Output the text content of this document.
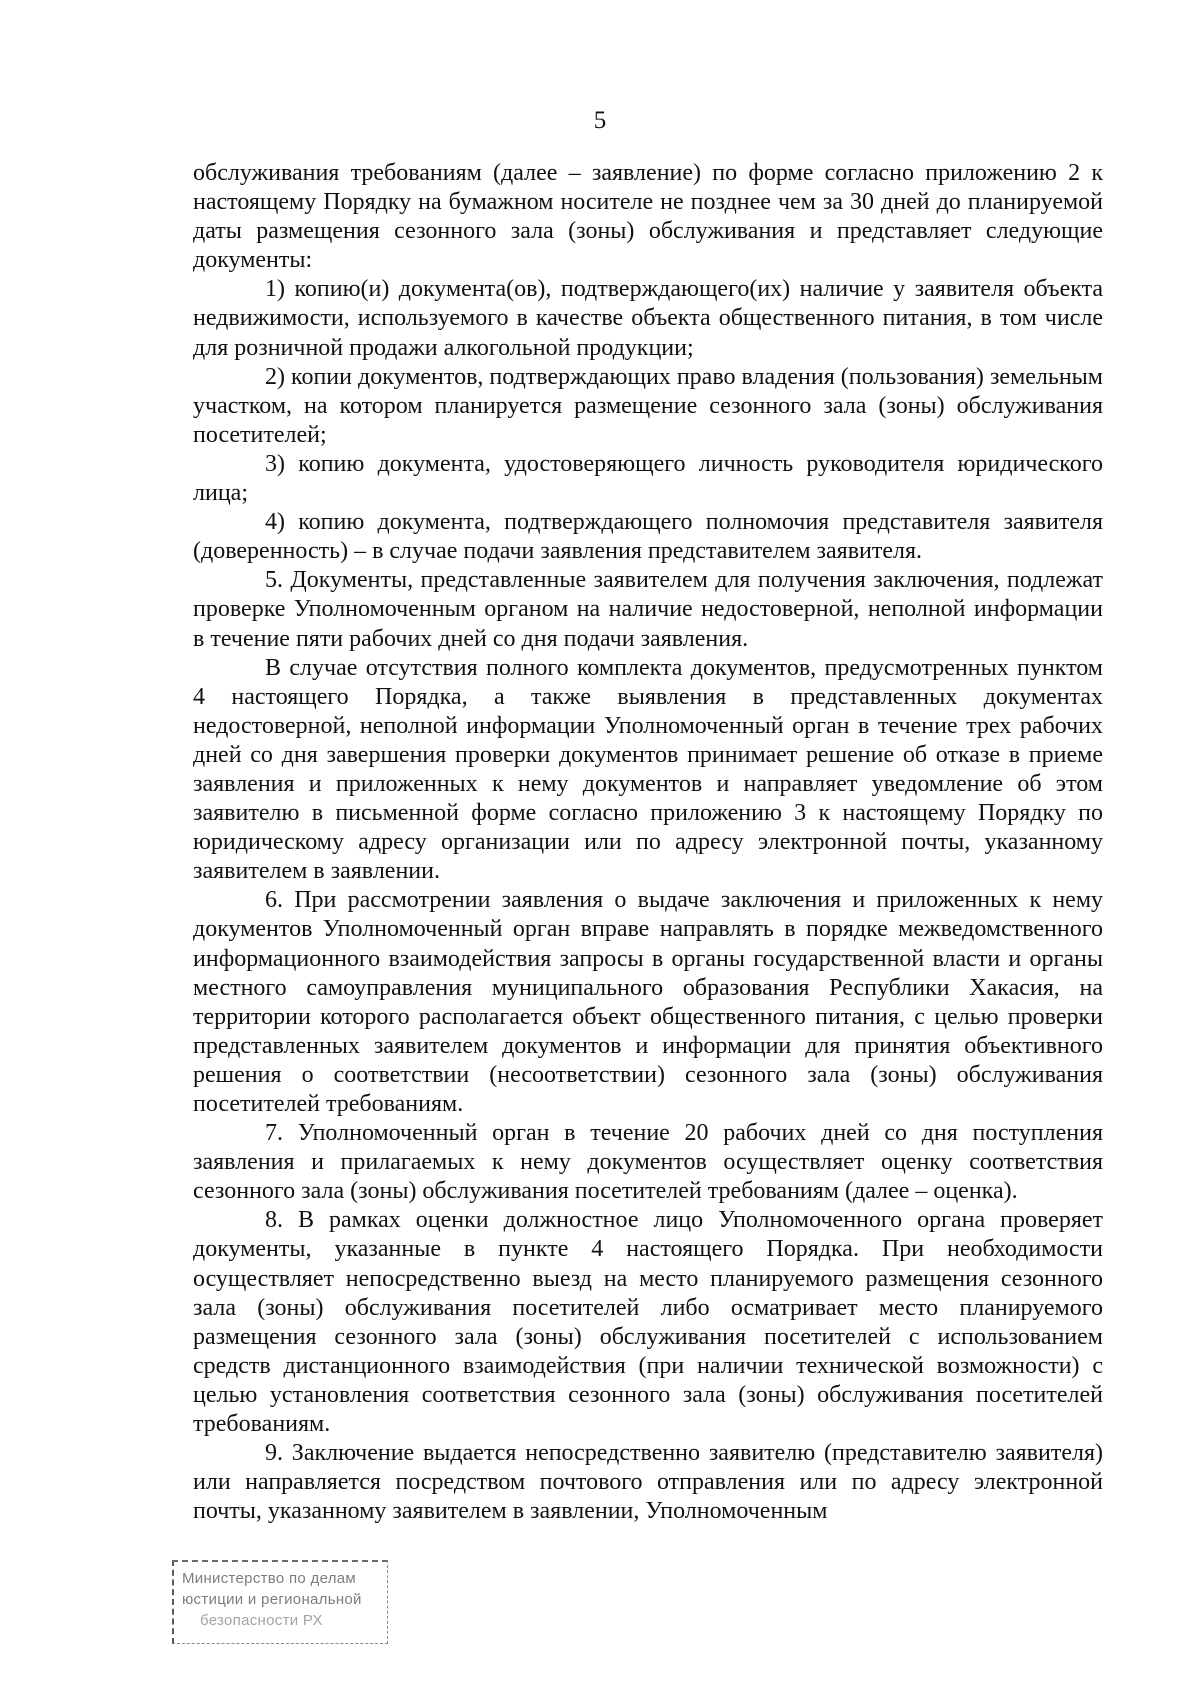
5

обслуживания требованиям (далее – заявление) по форме согласно приложению 2 к настоящему Порядку на бумажном носителе не позднее чем за 30 дней до планируемой даты размещения сезонного зала (зоны) обслуживания и представляет следующие документы:

1) копию(и) документа(ов), подтверждающего(их) наличие у заявителя объекта недвижимости, используемого в качестве объекта общественного питания, в том числе для розничной продажи алкогольной продукции;

2) копии документов, подтверждающих право владения (пользования) земельным участком, на котором планируется размещение сезонного зала (зоны) обслуживания посетителей;

3) копию документа, удостоверяющего личность руководителя юридического лица;

4) копию документа, подтверждающего полномочия представителя заявителя (доверенность) – в случае подачи заявления представителем заявителя.

5. Документы, представленные заявителем для получения заключения, подлежат проверке Уполномоченным органом на наличие недостоверной, неполной информации в течение пяти рабочих дней со дня подачи заявления.

В случае отсутствия полного комплекта документов, предусмотренных пунктом 4 настоящего Порядка, а также выявления в представленных документах недостоверной, неполной информации Уполномоченный орган в течение трех рабочих дней со дня завершения проверки документов принимает решение об отказе в приеме заявления и приложенных к нему документов и направляет уведомление об этом заявителю в письменной форме согласно приложению 3 к настоящему Порядку по юридическому адресу организации или по адресу электронной почты, указанному заявителем в заявлении.

6. При рассмотрении заявления о выдаче заключения и приложенных к нему документов Уполномоченный орган вправе направлять в порядке межведомственного информационного взаимодействия запросы в органы государственной власти и органы местного самоуправления муниципального образования Республики Хакасия, на территории которого располагается объект общественного питания, с целью проверки представленных заявителем документов и информации для принятия объективного решения о соответствии (несоответствии) сезонного зала (зоны) обслуживания посетителей требованиям.

7. Уполномоченный орган в течение 20 рабочих дней со дня поступления заявления и прилагаемых к нему документов осуществляет оценку соответствия сезонного зала (зоны) обслуживания посетителей требованиям (далее – оценка).

8. В рамках оценки должностное лицо Уполномоченного органа проверяет документы, указанные в пункте 4 настоящего Порядка. При необходимости осуществляет непосредственно выезд на место планируемого размещения сезонного зала (зоны) обслуживания посетителей либо осматривает место планируемого размещения сезонного зала (зоны) обслуживания посетителей с использованием средств дистанционного взаимодействия (при наличии технической возможности) с целью установления соответствия сезонного зала (зоны) обслуживания посетителей требованиям.

9. Заключение выдается непосредственно заявителю (представителю заявителя) или направляется посредством почтового отправления или по адресу электронной почты, указанному заявителем в заявлении, Уполномоченным

Министерство по делам
юстиции и региональной
безопасности РХ
